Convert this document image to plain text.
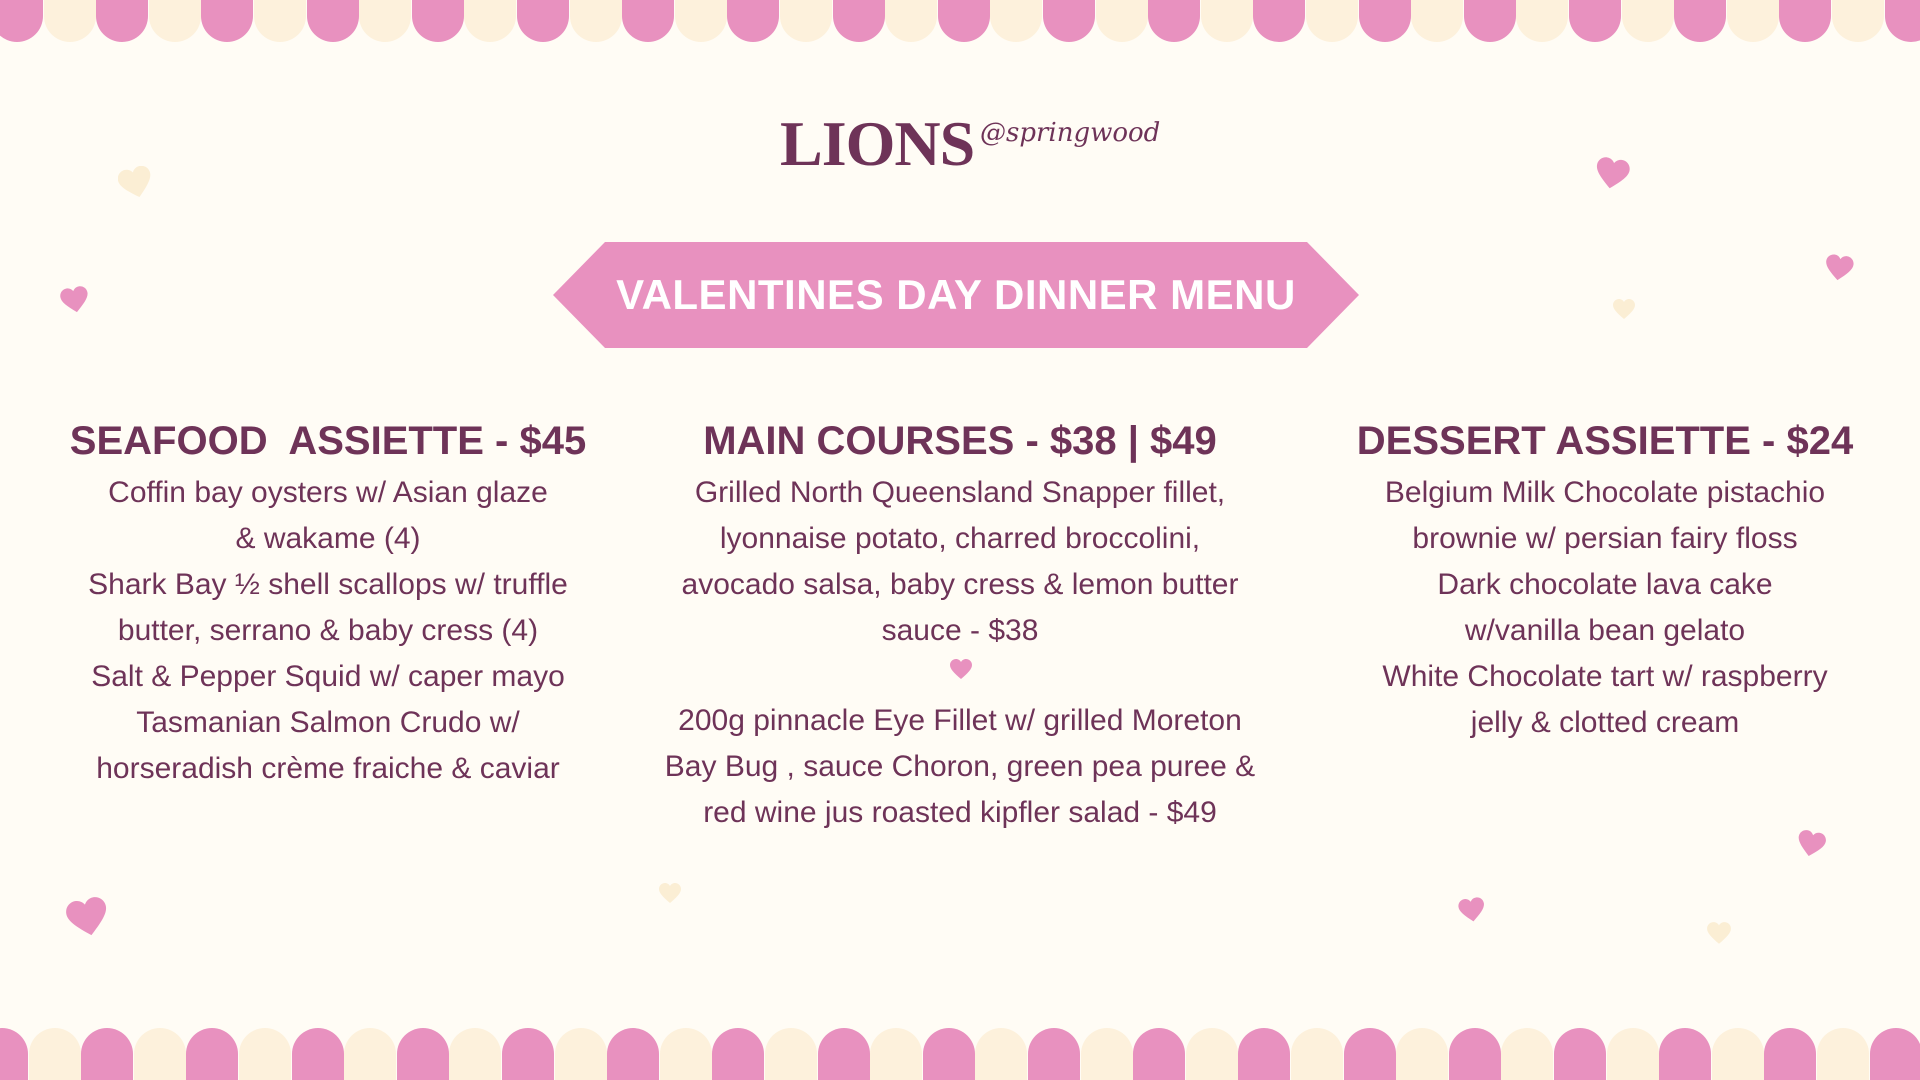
LIONS @springwood
VALENTINES DAY DINNER MENU

SEAFOOD  ASSIETTE - $45

Coffin bay oysters w/ Asian glaze

& wakame (4)

Shark Bay ½ shell scallops w/ truffle

butter, serrano & baby cress (4)

Salt & Pepper Squid w/ caper mayo

Tasmanian Salmon Crudo w/

horseradish crème fraiche & caviar

MAIN COURSES - $38 | $49

Grilled North Queensland Snapper fillet,

lyonnaise potato, charred broccolini,

avocado salsa, baby cress & lemon butter

sauce - $38

200g pinnacle Eye Fillet w/ grilled Moreton

Bay Bug , sauce Choron, green pea puree &

red wine jus roasted kipfler salad - $49

DESSERT ASSIETTE - $24

Belgium Milk Chocolate pistachio

brownie w/ persian fairy floss

Dark chocolate lava cake

w/vanilla bean gelato

White Chocolate tart w/ raspberry

jelly & clotted cream
